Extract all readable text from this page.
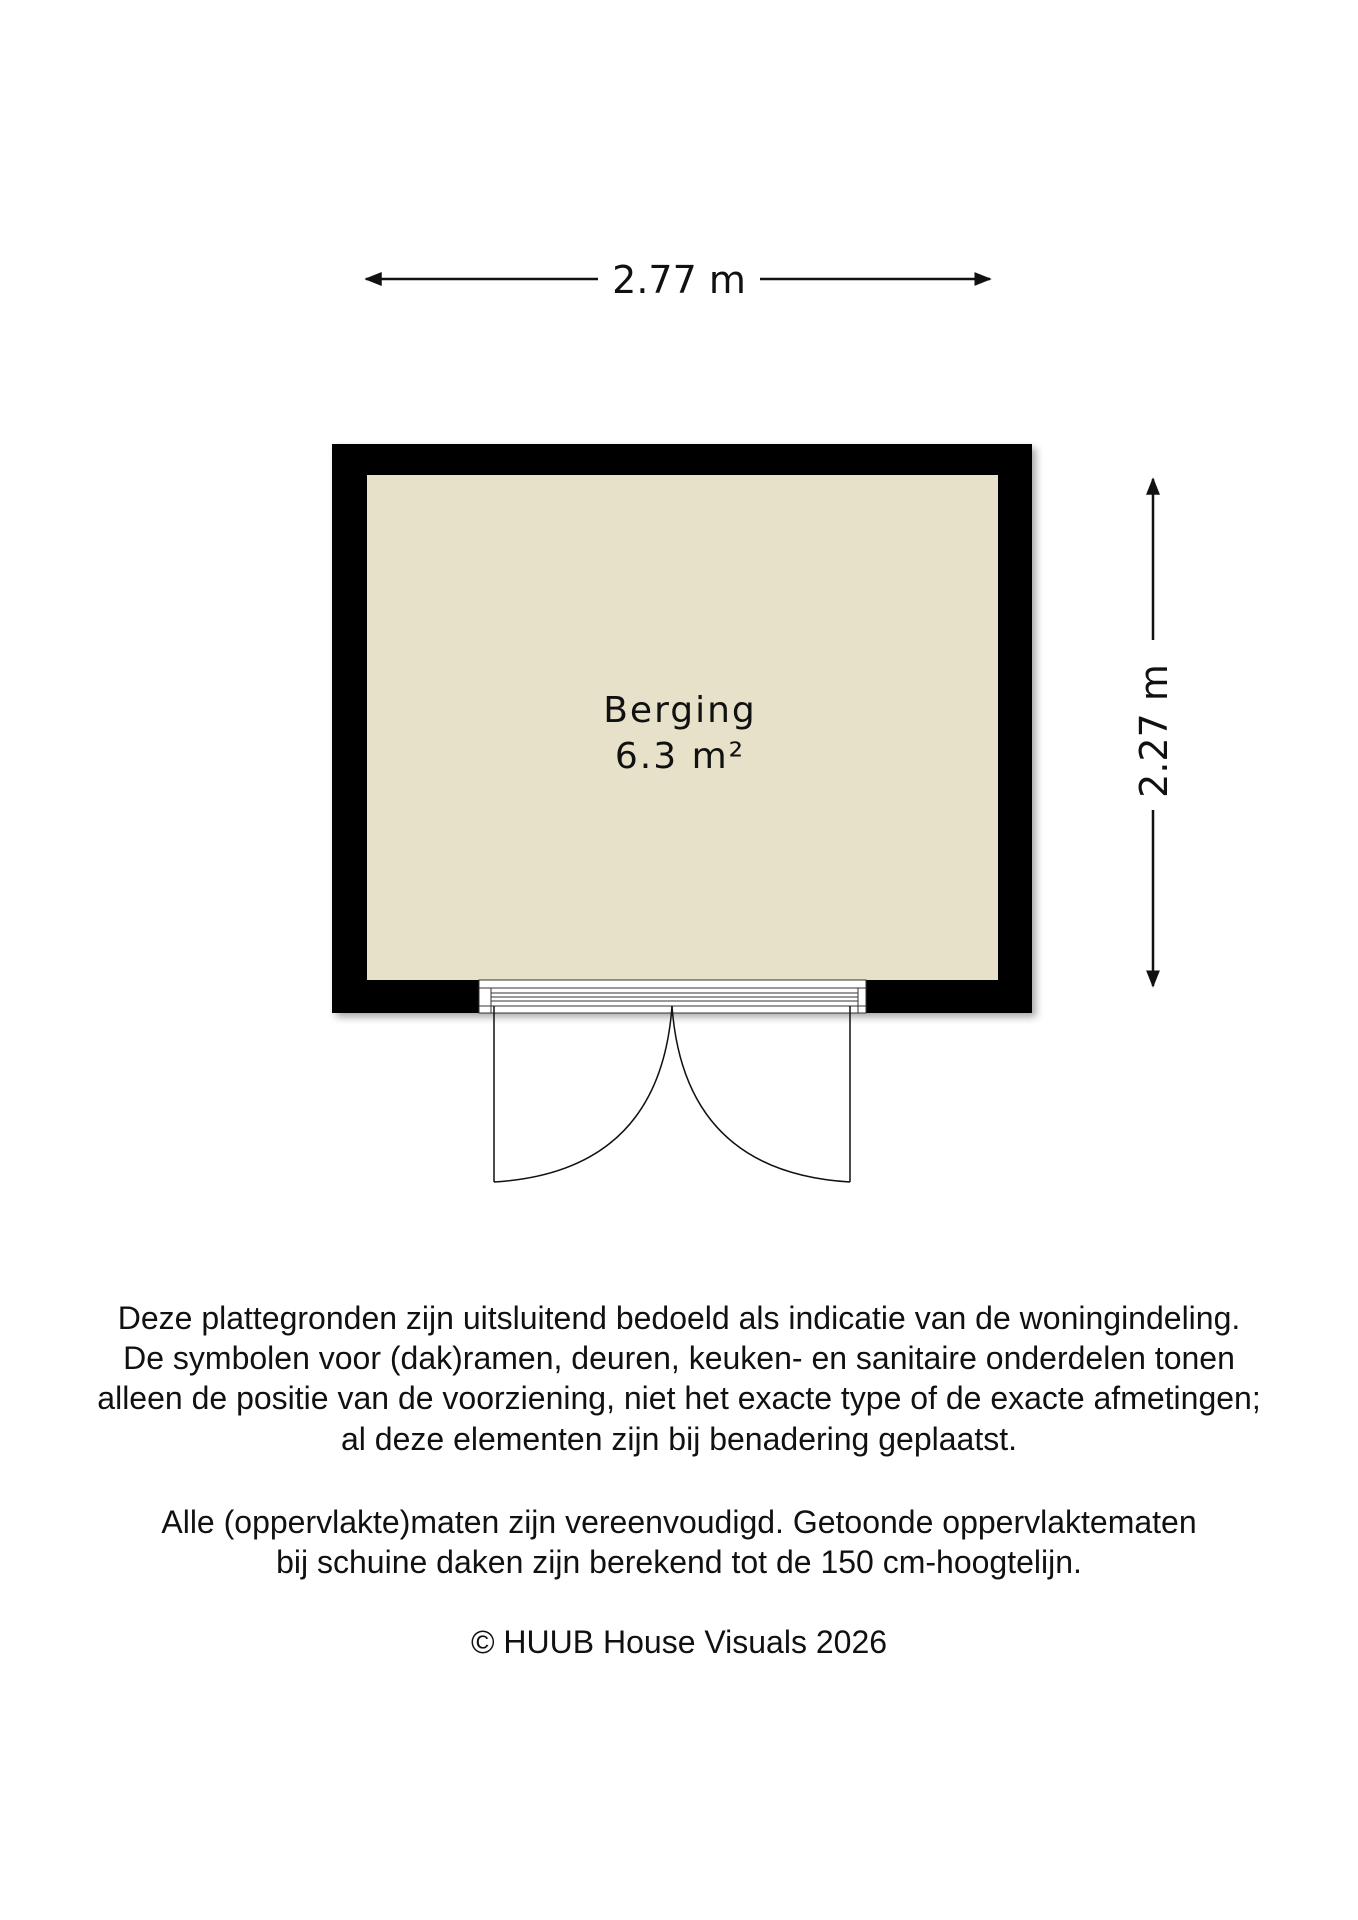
2.77 m
2.27 m
Berging
6.3 m²
Deze plattegronden zijn uitsluitend bedoeld als indicatie van de woningindeling.
De symbolen voor (dak)ramen, deuren, keuken- en sanitaire onderdelen tonen
alleen de positie van de voorziening, niet het exacte type of de exacte afmetingen;
al deze elementen zijn bij benadering geplaatst.
Alle (oppervlakte)maten zijn vereenvoudigd. Getoonde oppervlaktematen
bij schuine daken zijn berekend tot de 150 cm-hoogtelijn.
© HUUB House Visuals 2026
